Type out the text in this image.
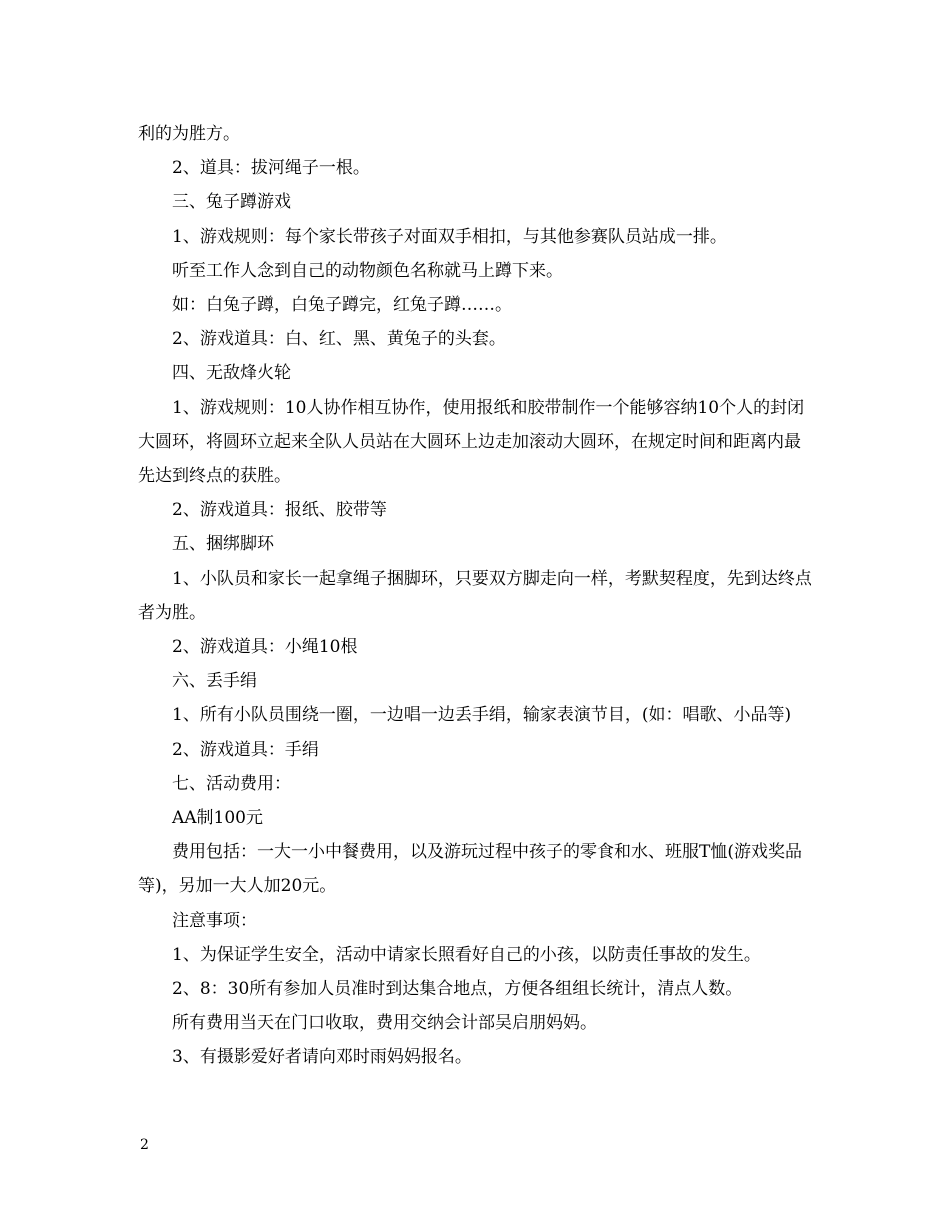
利的为胜方。

2、道具：拔河绳子一根。

三、兔子蹲游戏

1、游戏规则：每个家长带孩子对面双手相扣，与其他参赛队员站成一排。

听至工作人念到自己的动物颜色名称就马上蹲下来。

如：白兔子蹲，白兔子蹲完，红兔子蹲……。

2、游戏道具：白、红、黑、黄兔子的头套。

四、无敌烽火轮

1、游戏规则：10人协作相互协作，使用报纸和胶带制作一个能够容纳10个人的封闭大圆环，将圆环立起来全队人员站在大圆环上边走加滚动大圆环，在规定时间和距离内最先达到终点的获胜。

2、游戏道具：报纸、胶带等

五、捆绑脚环

1、小队员和家长一起拿绳子捆脚环，只要双方脚走向一样，考默契程度，先到达终点者为胜。

2、游戏道具：小绳10根

六、丢手绢

1、所有小队员围绕一圈，一边唱一边丢手绢，输家表演节目，(如：唱歌、小品等)

2、游戏道具：手绢

七、活动费用：

AA制100元

费用包括：一大一小中餐费用，以及游玩过程中孩子的零食和水、班服T恤(游戏奖品等)，另加一大人加20元。

注意事项：

1、为保证学生安全，活动中请家长照看好自己的小孩，以防责任事故的发生。

2、8：30所有参加人员准时到达集合地点，方便各组组长统计，清点人数。

所有费用当天在门口收取，费用交纳会计部吴启朋妈妈。

3、有摄影爱好者请向邓时雨妈妈报名。

2
